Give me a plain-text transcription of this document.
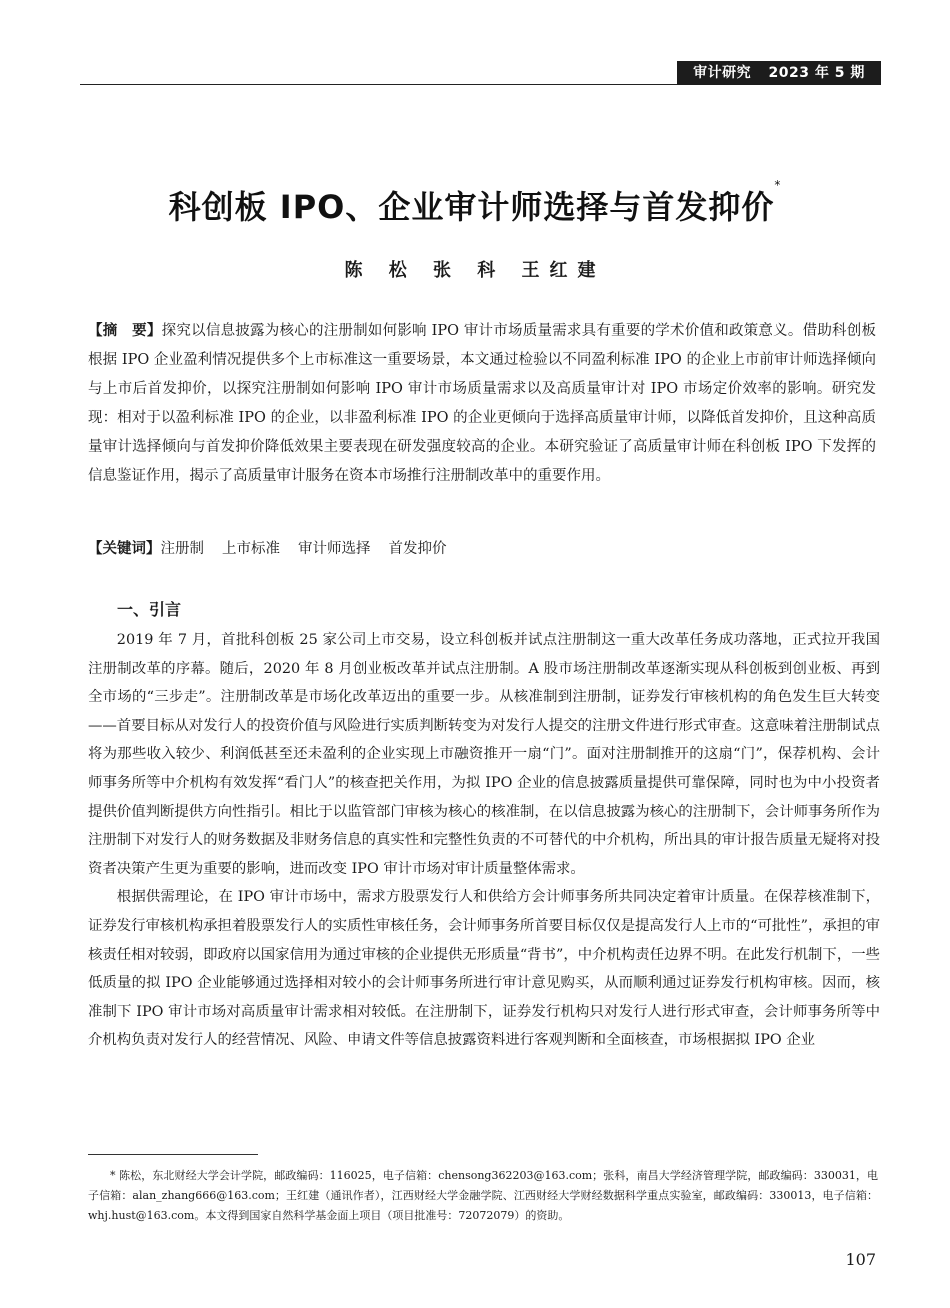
审计研究 2023 年 5 期
科创板 IPO、企业审计师选择与首发抑价*
陈 松 张 科 王红建
【摘　要】探究以信息披露为核心的注册制如何影响 IPO 审计市场质量需求具有重要的学术价值和政策意义。借助科创板根据 IPO 企业盈利情况提供多个上市标准这一重要场景，本文通过检验以不同盈利标准 IPO 的企业上市前审计师选择倾向与上市后首发抑价，以探究注册制如何影响 IPO 审计市场质量需求以及高质量审计对 IPO 市场定价效率的影响。研究发现：相对于以盈利标准 IPO 的企业，以非盈利标准 IPO 的企业更倾向于选择高质量审计师，以降低首发抑价，且这种高质量审计选择倾向与首发抑价降低效果主要表现在研发强度较高的企业。本研究验证了高质量审计师在科创板 IPO 下发挥的信息鉴证作用，揭示了高质量审计服务在资本市场推行注册制改革中的重要作用。
【关键词】注册制 上市标准 审计师选择 首发抑价
一、引言

2019 年 7 月，首批科创板 25 家公司上市交易，设立科创板并试点注册制这一重大改革任务成功落地，正式拉开我国注册制改革的序幕。随后，2020 年 8 月创业板改革并试点注册制。A 股市场注册制改革逐渐实现从科创板到创业板、再到全市场的“三步走”。注册制改革是市场化改革迈出的重要一步。从核准制到注册制，证券发行审核机构的角色发生巨大转变——首要目标从对发行人的投资价值与风险进行实质判断转变为对发行人提交的注册文件进行形式审查。这意味着注册制试点将为那些收入较少、利润低甚至还未盈利的企业实现上市融资推开一扇“门”。面对注册制推开的这扇“门”，保荐机构、会计师事务所等中介机构有效发挥“看门人”的核查把关作用，为拟 IPO 企业的信息披露质量提供可靠保障，同时也为中小投资者提供价值判断提供方向性指引。相比于以监管部门审核为核心的核准制，在以信息披露为核心的注册制下，会计师事务所作为注册制下对发行人的财务数据及非财务信息的真实性和完整性负责的不可替代的中介机构，所出具的审计报告质量无疑将对投资者决策产生更为重要的影响，进而改变 IPO 审计市场对审计质量整体需求。

根据供需理论，在 IPO 审计市场中，需求方股票发行人和供给方会计师事务所共同决定着审计质量。在保荐核准制下，证券发行审核机构承担着股票发行人的实质性审核任务，会计师事务所首要目标仅仅是提高发行人上市的“可批性”，承担的审核责任相对较弱，即政府以国家信用为通过审核的企业提供无形质量“背书”，中介机构责任边界不明。在此发行机制下，一些低质量的拟 IPO 企业能够通过选择相对较小的会计师事务所进行审计意见购买，从而顺利通过证券发行机构审核。因而，核准制下 IPO 审计市场对高质量审计需求相对较低。在注册制下，证券发行机构只对发行人进行形式审查，会计师事务所等中介机构负责对发行人的经营情况、风险、申请文件等信息披露资料进行客观判断和全面核查，市场根据拟 IPO 企业

* 陈松，东北财经大学会计学院，邮政编码：116025，电子信箱：chensong362203@163.com；张科，南昌大学经济管理学院，邮政编码：330031，电子信箱：alan_zhang666@163.com；王红建（通讯作者），江西财经大学金融学院、江西财经大学财经数据科学重点实验室，邮政编码：330013，电子信箱：whj.hust@163.com。本文得到国家自然科学基金面上项目（项目批准号：72072079）的资助。
107
